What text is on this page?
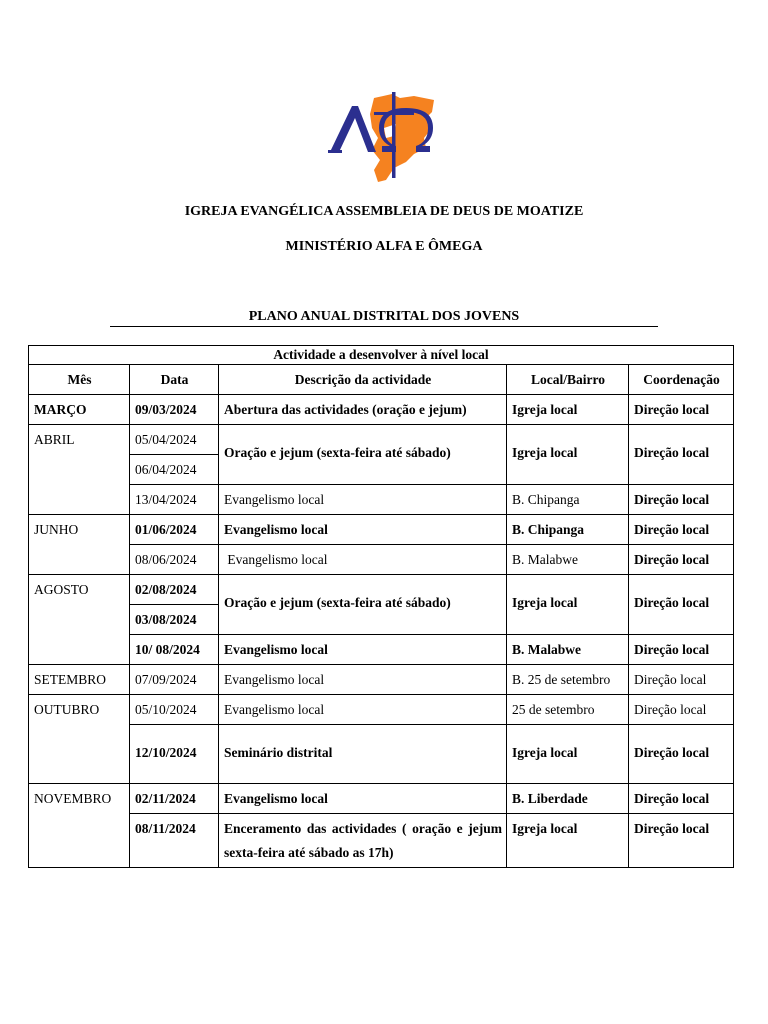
IGREJA EVANGÉLICA ASSEMBLEIA DE DEUS DE MOATIZE
MINISTÉRIO ALFA E ÔMEGA
PLANO ANUAL DISTRITAL DOS JOVENS
Actividade a desenvolver à nível local				
Mês	Data	Descrição da actividade	Local/Bairro	Coordenação
MARÇO	09/03/2024	Abertura das actividades (oração e jejum)	Igreja local	Direção local
ABRIL	05/04/2024	Oração e jejum (sexta-feira até sábado)	Igreja local	Direção local
	06/04/2024			
	13/04/2024	Evangelismo local	B. Chipanga	Direção local
JUNHO	01/06/2024	Evangelismo local	B. Chipanga	Direção local
	08/06/2024	Evangelismo local	B. Malabwe	Direção local
AGOSTO	02/08/2024	Oração e jejum (sexta-feira até sábado)	Igreja local	Direção local
	03/08/2024			
	10/ 08/2024	Evangelismo local	B. Malabwe	Direção local
SETEMBRO	07/09/2024	Evangelismo local	B. 25 de setembro	Direção local
OUTUBRO	05/10/2024	Evangelismo local	25 de setembro	Direção local
	12/10/2024	Seminário distrital	Igreja local	Direção local
NOVEMBRO	02/11/2024	Evangelismo local	B. Liberdade	Direção local
	08/11/2024	Enceramento das actividades ( oração e jejum sexta-feira até sábado as 17h)	Igreja local	Direção local
